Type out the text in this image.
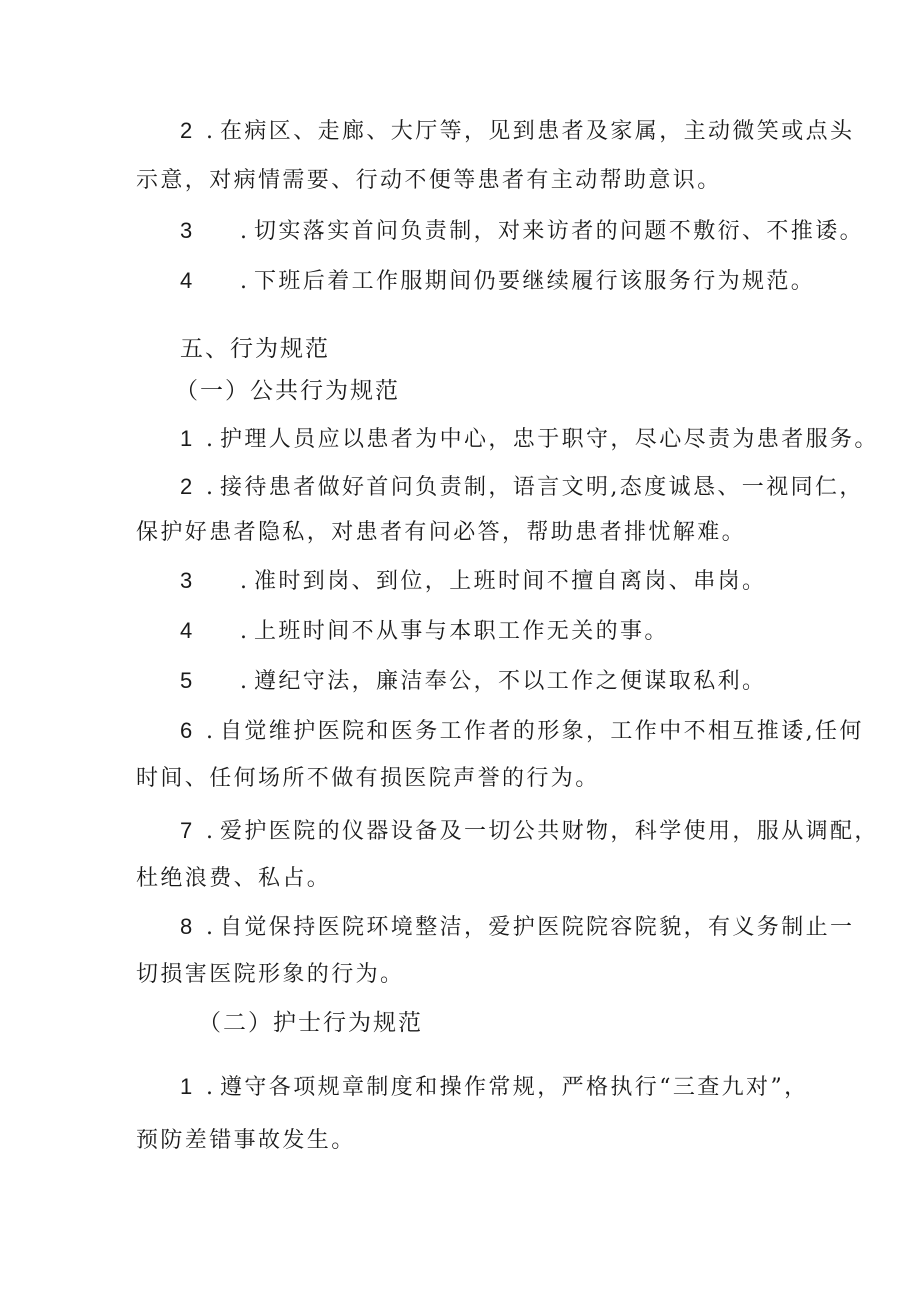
2 . 在病区、走廊、大厅等，见到患者及家属，主动微笑或点头
示意，对病情需要、行动不便等患者有主动帮助意识。
3 . 切实落实首问负责制，对来访者的问题不敷衍、不推诿。
4 . 下班后着工作服期间仍要继续履行该服务行为规范。
五、行为规范
（一）公共行为规范
1 . 护理人员应以患者为中心，忠于职守，尽心尽责为患者服务。
2 . 接待患者做好首问负责制，语言文明,态度诚恳、一视同仁，
保护好患者隐私，对患者有问必答，帮助患者排忧解难。
3 . 准时到岗、到位，上班时间不擅自离岗、串岗。
4 . 上班时间不从事与本职工作无关的事。
5 . 遵纪守法，廉洁奉公，不以工作之便谋取私利。
6 . 自觉维护医院和医务工作者的形象，工作中不相互推诿,任何
时间、任何场所不做有损医院声誉的行为。
7 . 爱护医院的仪器设备及一切公共财物，科学使用，服从调配，
杜绝浪费、私占。
8 . 自觉保持医院环境整洁，爱护医院院容院貌，有义务制止一
切损害医院形象的行为。
（二）护士行为规范
1 . 遵守各项规章制度和操作常规，严格执行“三查九对”，
预防差错事故发生。
